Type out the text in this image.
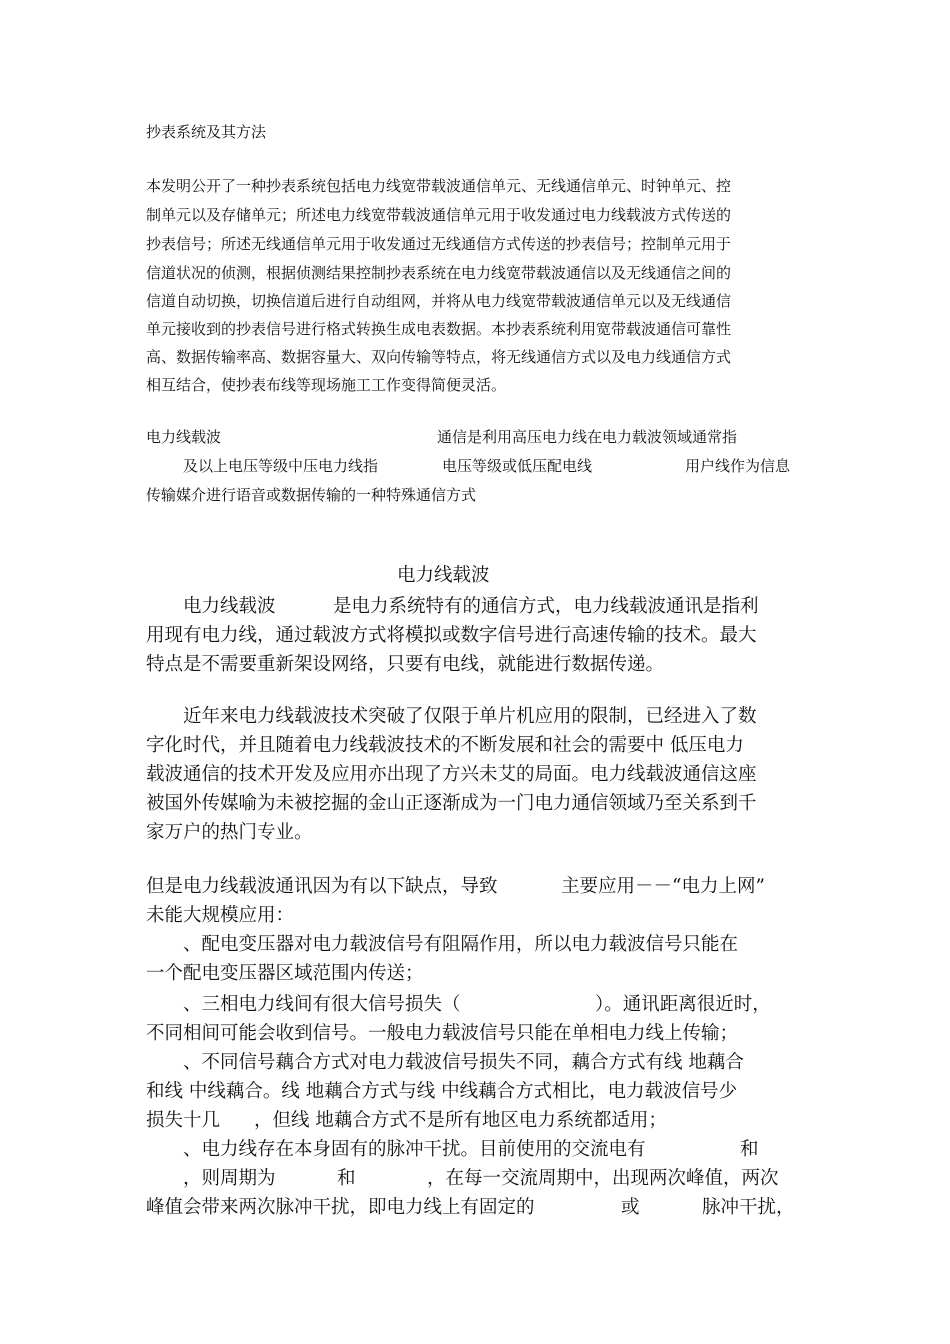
抄表系统及其方法
本发明公开了一种抄表系统包括电力线宽带载波通信单元、无线通信单元、时钟单元、控
制单元以及存储单元；所述电力线宽带载波通信单元用于收发通过电力线载波方式传送的
抄表信号；所述无线通信单元用于收发通过无线通信方式传送的抄表信号；控制单元用于
信道状况的侦测，根据侦测结果控制抄表系统在电力线宽带载波通信以及无线通信之间的
信道自动切换，切换信道后进行自动组网，并将从电力线宽带载波通信单元以及无线通信
单元接收到的抄表信号进行格式转换生成电表数据。本抄表系统利用宽带载波通信可靠性
高、数据传输率高、数据容量大、双向传输等特点，将无线通信方式以及电力线通信方式
相互结合，使抄表布线等现场施工工作变得简便灵活。
电力线载波	通信是利用高压电力线在电力载波领域通常指
及以上电压等级中压电力线指	电压等级或低压配电线	用户线作为信息
传输媒介进行语音或数据传输的一种特殊通信方式
电力线载波
电力线载波	是电力系统特有的通信方式，电力线载波通讯是指利
用现有电力线，通过载波方式将模拟或数字信号进行高速传输的技术。最大
特点是不需要重新架设网络，只要有电线，就能进行数据传递。
近年来电力线载波技术突破了仅限于单片机应用的限制，已经进入了数
字化时代，并且随着电力线载波技术的不断发展和社会的需要中 低压电力
载波通信的技术开发及应用亦出现了方兴未艾的局面。电力线载波通信这座
被国外传媒喻为未被挖掘的金山正逐渐成为一门电力通信领域乃至关系到千
家万户的热门专业。
但是电力线载波通讯因为有以下缺点，导致	主要应用－－“电力上网”
未能大规模应用：
、配电变压器对电力载波信号有阻隔作用，所以电力载波信号只能在
一个配电变压器区域范围内传送；
、三相电力线间有很大信号损失（	）。通讯距离很近时，
不同相间可能会收到信号。一般电力载波信号只能在单相电力线上传输；
、不同信号藕合方式对电力载波信号损失不同，藕合方式有线 地藕合
和线 中线藕合。线 地藕合方式与线 中线藕合方式相比，电力载波信号少
损失十几 ，但线 地藕合方式不是所有地区电力系统都适用；
、电力线存在本身固有的脉冲干扰。目前使用的交流电有	和
，则周期为	和	，在每一交流周期中，出现两次峰值，两次
峰值会带来两次脉冲干扰，即电力线上有固定的	或	脉冲干扰，
